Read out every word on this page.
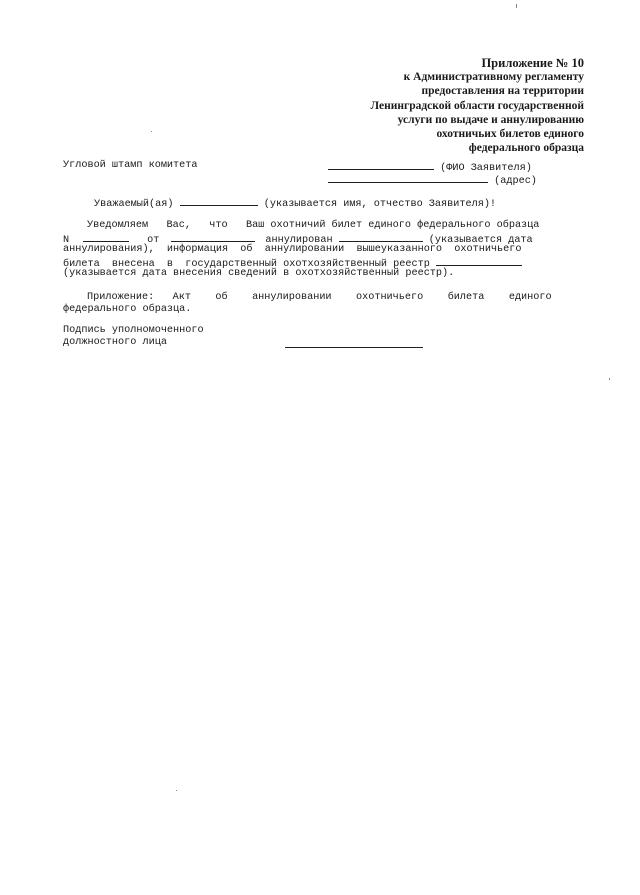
Приложение № 10
к Административному регламенту
предоставления на территории
Ленинградской области государственной
услуги по выдаче и аннулированию
охотничьих билетов единого
федерального образца
Угловой штамп комитета	(ФИО Заявителя)
(адрес)
Уважаемый(ая)	(указывается имя, отчество Заявителя)!
Уведомляем   Вас,   что   Ваш охотничий билет единого федерального образца
N	от	аннулирован	(указывается дата
аннулирования),  информация  об  аннулировании  вышеуказанного  охотничьего
билета  внесена  в  государственный охотхозяйственный реестр
(указывается дата внесения сведений в охотхозяйственный реестр).
Приложение:   Акт    об    аннулировании    охотничьего    билета    единого
федерального образца.
Подпись уполномоченного
должностного лица
